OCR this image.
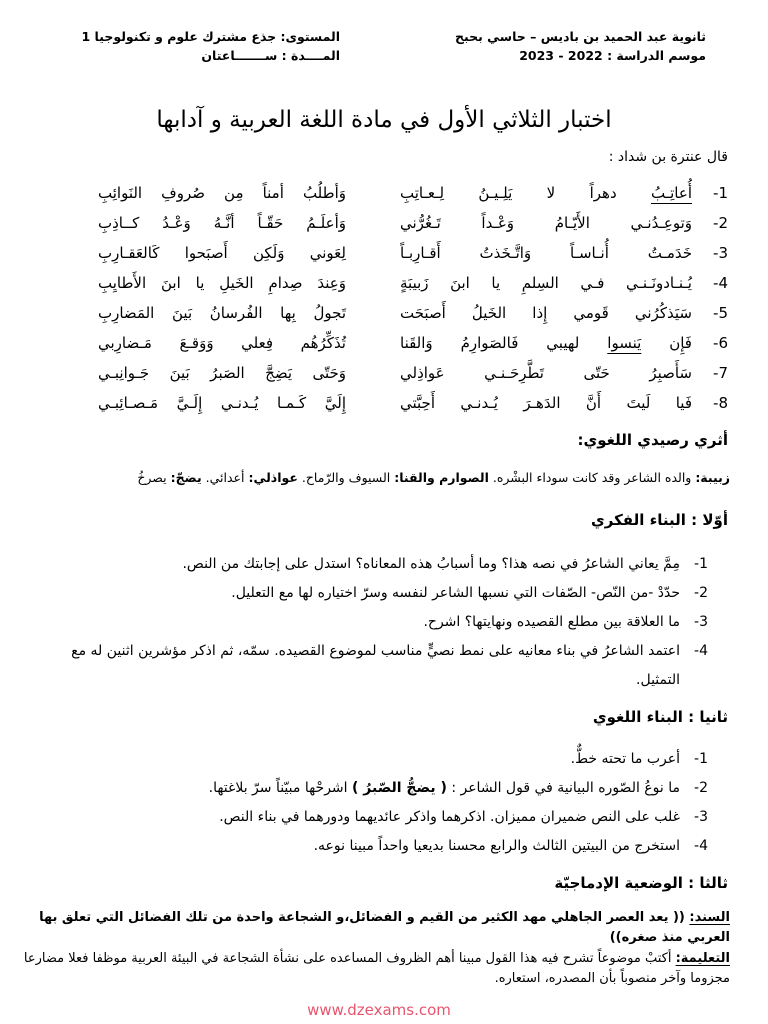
ثانوية عبد الحميد بن باديس – حاسي بحبح
موسم الدراسة : 2022 - 2023
المستوى: جذع مشترك علوم و تكنولوجيا 1
المــــدة : ســـــــاعتان
اختبار الثلاثي الأول في مادة اللغة العربية و آدابها
قال عنترة بن شداد :
1-
أُعاتِـبُ دهراً لا يَلِـيـنُ لِـعـاتِبِ
وَأطلُبُ أمناً مِن صُروفِ النَوائِبِ
2-
وَتوعِـدُنـي الأَيّـامُ وَعْـداً تَـغُرُّني
وَأعلَـمُ حَقّـاً أنَّـهُ وَعْـدُ كــاذِبِ
3-
خَدَمـتُ أُنـاسـاً وَاتَّـخَذتُ أَقـارِبـاً
لِعَوني وَلَكِن أَصبَحوا كَالعَقـارِبِ
4-
يُـنـادونَـنـي فـي السِلمِ يا ابنَ زَبيبَةٍ
وَعِندَ صِدامِ الخَيلِ يا ابنَ الأَطايِبِ
5-
سَيَذكُرُني قَومي إِذا الخَيلُ أَصبَحَت
تَجولُ بِها الفُرسانُ بَينَ المَضارِبِ
6-
فَإِن يَنسوا لهيبي فَالصَوارِمُ وَالقَنا
تُذَكِّرُهُم فِعلي وَوَقـعَ مَـضارِبي
7-
سَأَصبِرُ حَتّى تَطَّرِحَـنـي عَواذِلي
وَحَتّى يَضِجَّ الصَبرُ بَينَ جَـوانِبـي
8-
فَيا لَيتَ أَنَّ الدَهـرَ يُـدنـي أَحِبَّتي
إِلَيَّ كَـمـا يُـدنـي إِلَـيَّ مَـصـائِبـي
أثري رصيدي اللغوي:
زبيبة: والده الشاعر وقد كانت سوداء البشْره. الصوارم والقنا: السيوف والرّماح. عواذلي: أعدائي. يضجّ: يصرخُ
أوّلا : البناء الفكري
1-
مِمَّ يعاني الشاعرُ في نصه هذا؟ وما أسبابُ هذه المعاناه؟ استدل على إجابتك من النص.
2-
حدّدْ -من النّص- الصّفات التي نسبها الشاعر لنفسه وسرّ اختياره لها مع التعليل.
3-
ما العلاقة بين مطلع القصيده ونهايتها؟ اشرح.
4-
اعتمد الشاعرُ في بناء معانيه على نمط نصيٍّ مناسب لموضوع القصيده. سمّه، ثم اذكر مؤشرين اثنين له مع التمثيل.
ثانيا : البناء اللغوي
1-
أعرب ما تحته خطٌّ.
2-
ما نوعُ الصّوره البيانية في قول الشاعر : ( يضجُّ الصّبرُ ) اشرحْها مبيّناً سرّ بلاغتها.
3-
غلب على النص ضميران مميزان. اذكرهما واذكر عائديهما ودورهما في بناء النص.
4-
استخرج من البيتين الثالث والرابع محسنا بديعيا واحداً مبينا نوعه.
ثالثا : الوضعية الإدماجيّة
السند: (( يعد العصر الجاهلي مهد الكثير من القيم و الفضائل،و الشجاعة واحدة من تلك الفضائل التي تعلق بها العربي منذ صغره))
التعليمة: أكتبْ موضوعاً تشرح فيه هذا القول مبينا أهم الظروف المساعده على نشأة الشجاعة في البيئة العربية موظفا فعلا مضارعا مجزوما وآخر منصوباً بأن المصدره، استعاره.
www.dzexams.com
